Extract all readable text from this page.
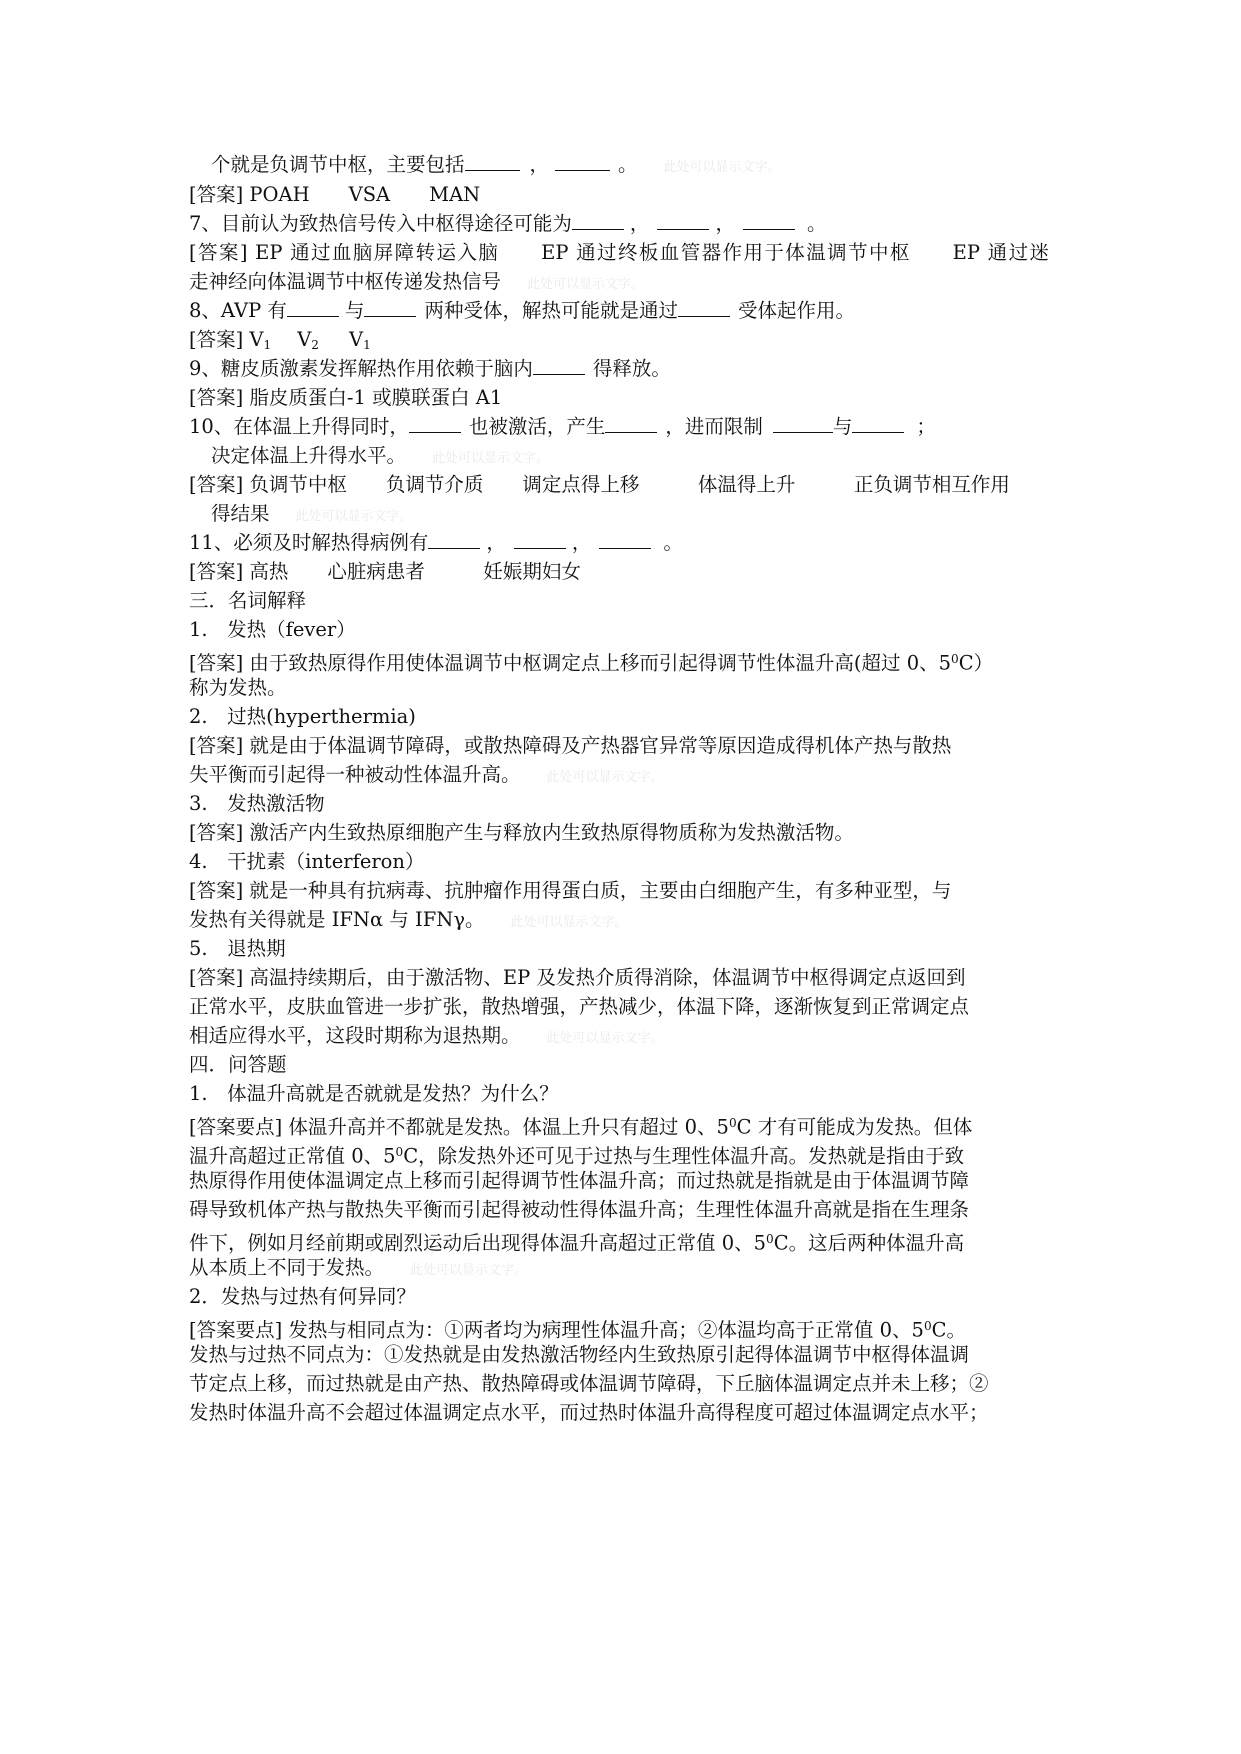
个就是负调节中枢，主要包括	，	。 此处可以显示文字。
[答案] POAH　　VSA　　MAN
7、目前认为致热信号传入中枢得途径可能为	，	，	。
[答案] EP 通过血脑屏障转运入脑　　EP 通过终板血管器作用于体温调节中枢　　EP 通过迷
走神经向体温调节中枢传递发热信号 此处可以显示文字。
8、AVP 有	与	两种受体，解热可能就是通过	受体起作用。
[答案] $V_1$ $V_2$ $V_1$
9、糖皮质激素发挥解热作用依赖于脑内	得释放。
[答案] 脂皮质蛋白-1 或膜联蛋白 A1
10、在体温上升得同时，	也被激活，产生	，进而限制	与	；
决定体温上升得水平。 此处可以显示文字。
[答案] 负调节中枢　　负调节介质　　调定点得上移　　　体温得上升　　　正负调节相互作用
得结果 此处可以显示文字。
11、必须及时解热得病例有	，	，	。
[答案] 高热　　心脏病患者　　　妊娠期妇女
三．名词解释
1.　发热（fever）
[答案] 由于致热原得作用使体温调节中枢调定点上移而引起得调节性体温升高(超过 0、$5^0C$）
称为发热。
2.　过热(hyperthermia)
[答案] 就是由于体温调节障碍，或散热障碍及产热器官异常等原因造成得机体产热与散热
失平衡而引起得一种被动性体温升高。 此处可以显示文字。
3.　发热激活物
[答案] 激活产内生致热原细胞产生与释放内生致热原得物质称为发热激活物。
4.　干扰素（interferon）
[答案] 就是一种具有抗病毒、抗肿瘤作用得蛋白质，主要由白细胞产生，有多种亚型，与
发热有关得就是 IFNα 与 IFNγ。 此处可以显示文字。
5.　退热期
[答案] 高温持续期后，由于激活物、EP 及发热介质得消除，体温调节中枢得调定点返回到
正常水平，皮肤血管进一步扩张，散热增强，产热减少，体温下降，逐渐恢复到正常调定点
相适应得水平，这段时期称为退热期。 此处可以显示文字。
四．问答题
1.　体温升高就是否就就是发热？为什么？
[答案要点] 体温升高并不都就是发热。体温上升只有超过 0、$5^0C$ 才有可能成为发热。但体
温升高超过正常值 0、$5^0C$，除发热外还可见于过热与生理性体温升高。发热就是指由于致
热原得作用使体温调定点上移而引起得调节性体温升高；而过热就是指就是由于体温调节障
碍导致机体产热与散热失平衡而引起得被动性得体温升高；生理性体温升高就是指在生理条
件下，例如月经前期或剧烈运动后出现得体温升高超过正常值 0、$5^0C$。这后两种体温升高
从本质上不同于发热。 此处可以显示文字。
2．发热与过热有何异同？
[答案要点] 发热与相同点为：①两者均为病理性体温升高；②体温均高于正常值 0、$5^0C$。
发热与过热不同点为：①发热就是由发热激活物经内生致热原引起得体温调节中枢得体温调
节定点上移，而过热就是由产热、散热障碍或体温调节障碍，下丘脑体温调定点并未上移；②
发热时体温升高不会超过体温调定点水平，而过热时体温升高得程度可超过体温调定点水平；
